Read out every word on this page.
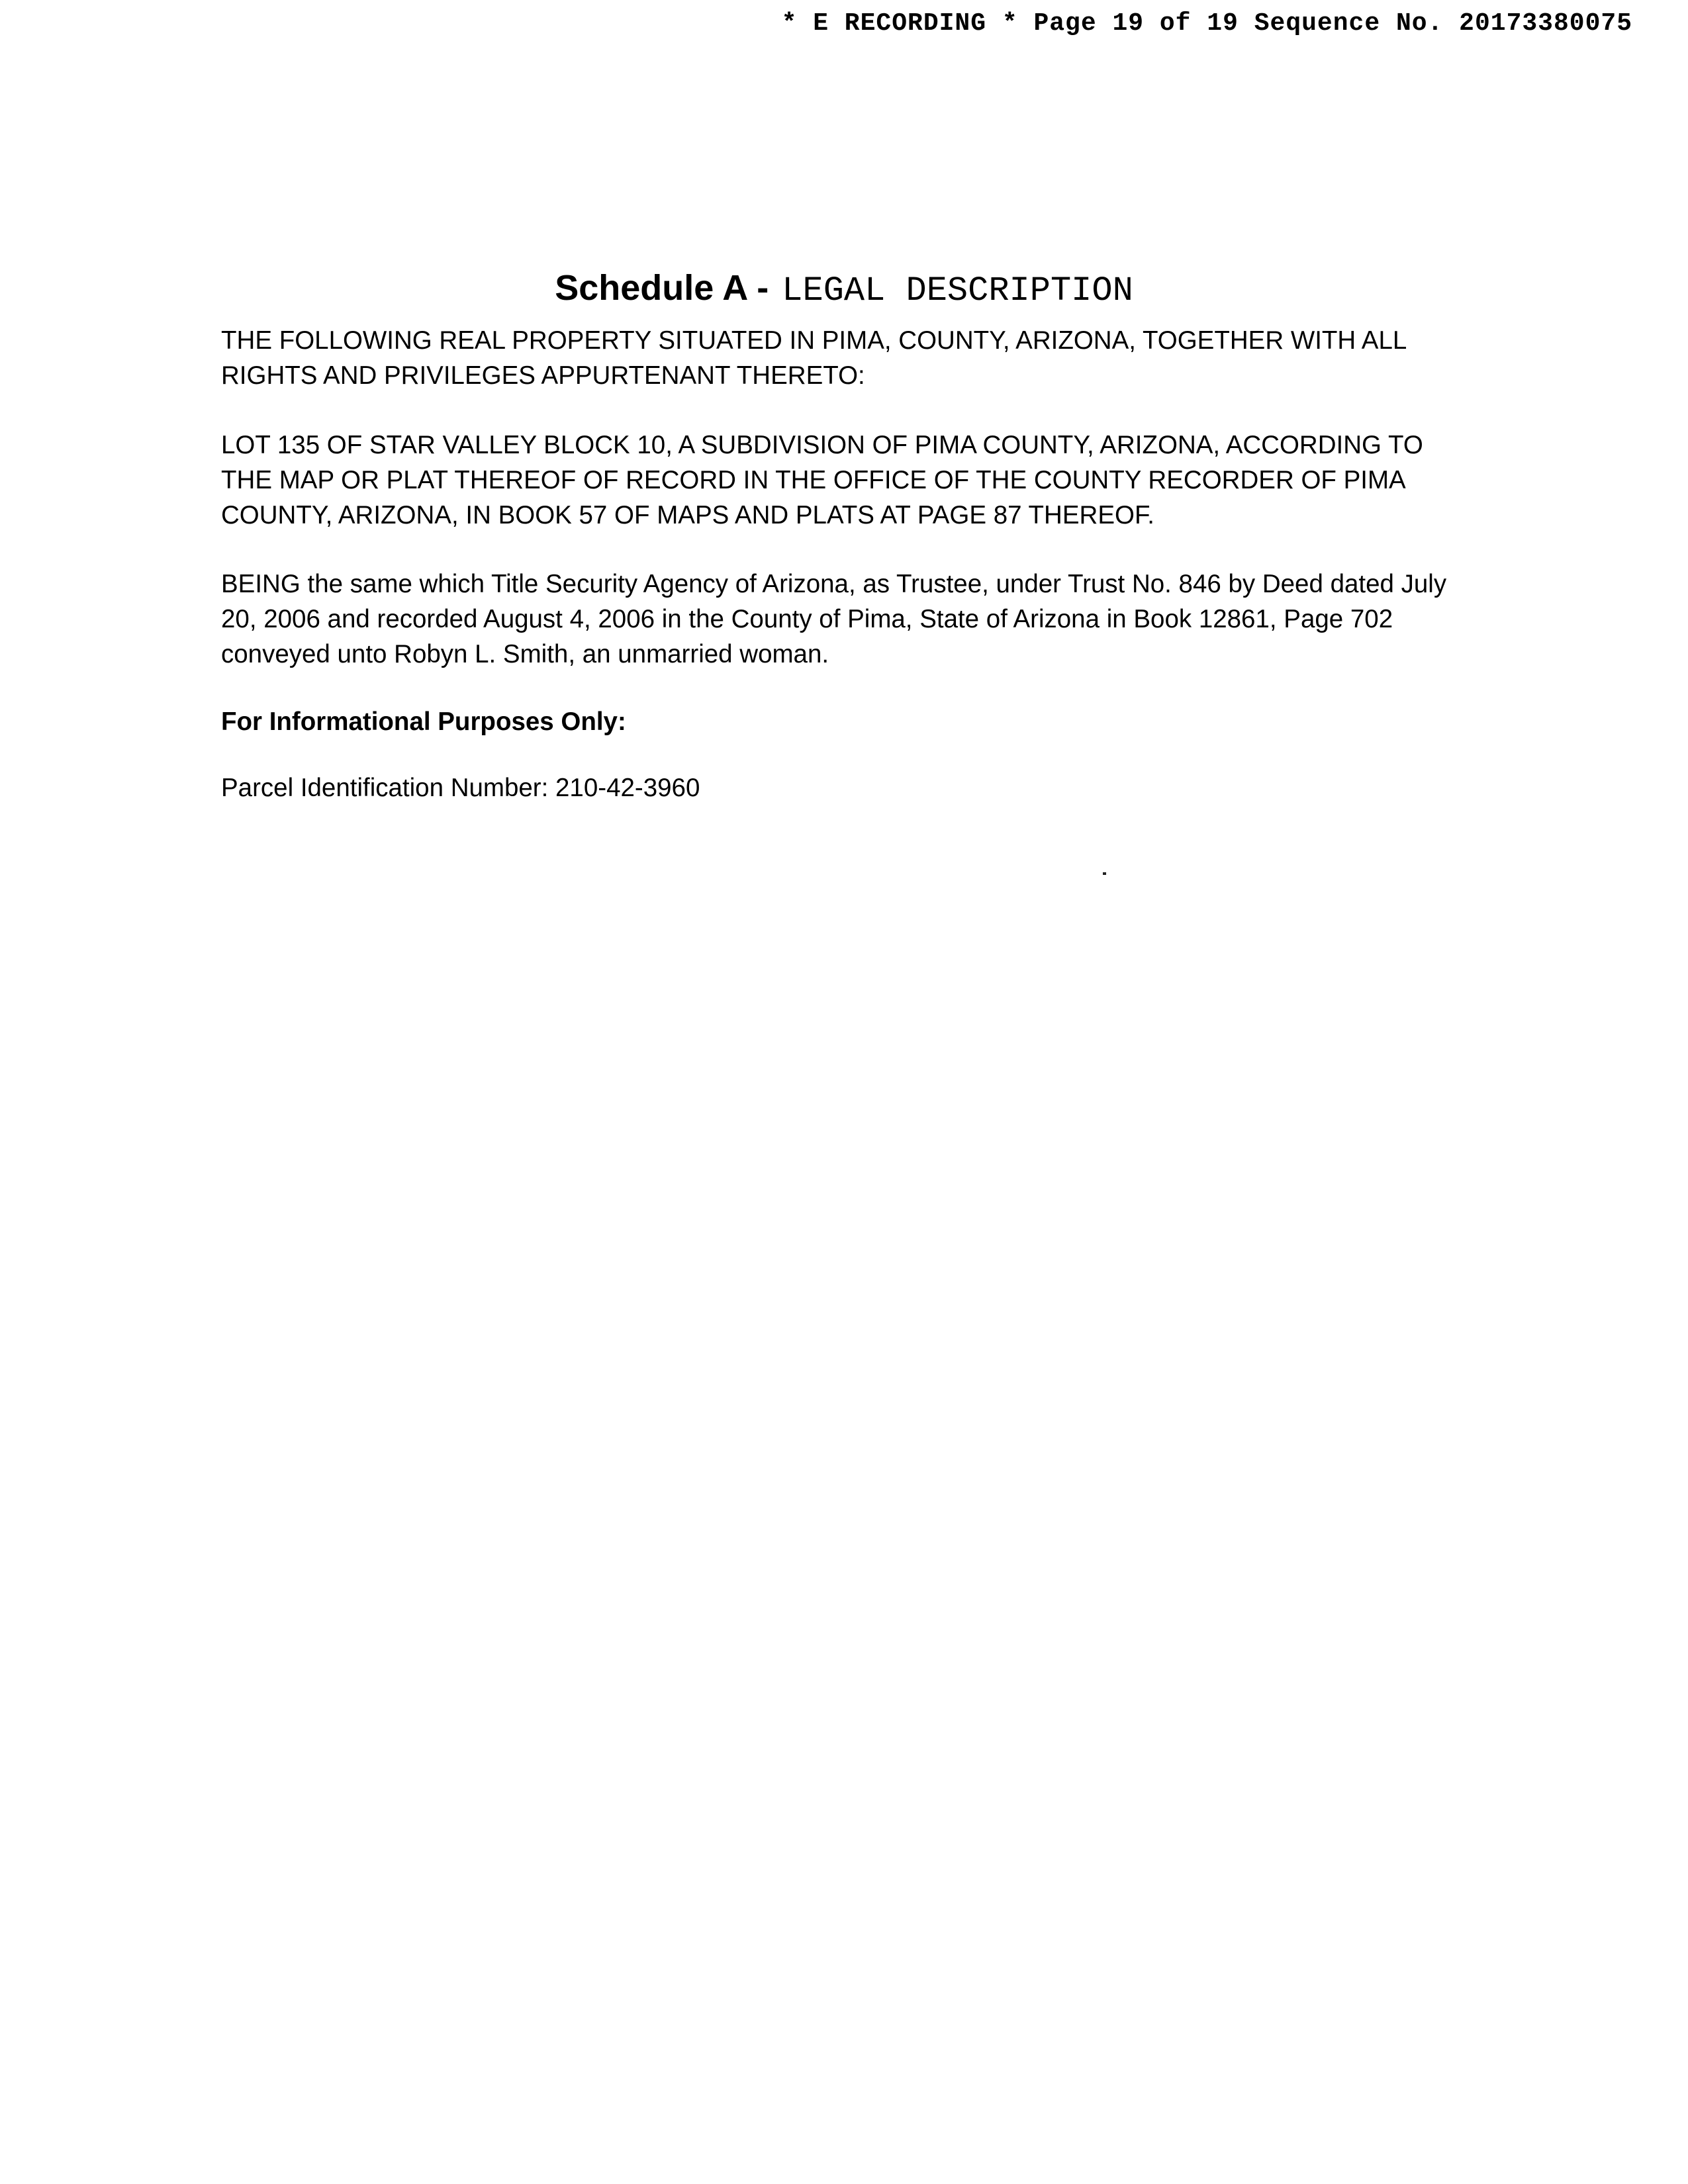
* E RECORDING * Page 19 of 19 Sequence No. 20173380075
Schedule A - LEGAL DESCRIPTION

THE FOLLOWING REAL PROPERTY SITUATED IN PIMA, COUNTY, ARIZONA, TOGETHER WITH ALL RIGHTS AND PRIVILEGES APPURTENANT THERETO:

LOT 135 OF STAR VALLEY BLOCK 10, A SUBDIVISION OF PIMA COUNTY, ARIZONA, ACCORDING TO THE MAP OR PLAT THEREOF OF RECORD IN THE OFFICE OF THE COUNTY RECORDER OF PIMA COUNTY, ARIZONA, IN BOOK 57 OF MAPS AND PLATS AT PAGE 87 THEREOF.

BEING the same which Title Security Agency of Arizona, as Trustee, under Trust No. 846 by Deed dated July 20, 2006 and recorded August 4, 2006 in the County of Pima, State of Arizona in Book 12861, Page 702 conveyed unto Robyn L. Smith, an unmarried woman.

For Informational Purposes Only:

Parcel Identification Number: 210-42-3960
